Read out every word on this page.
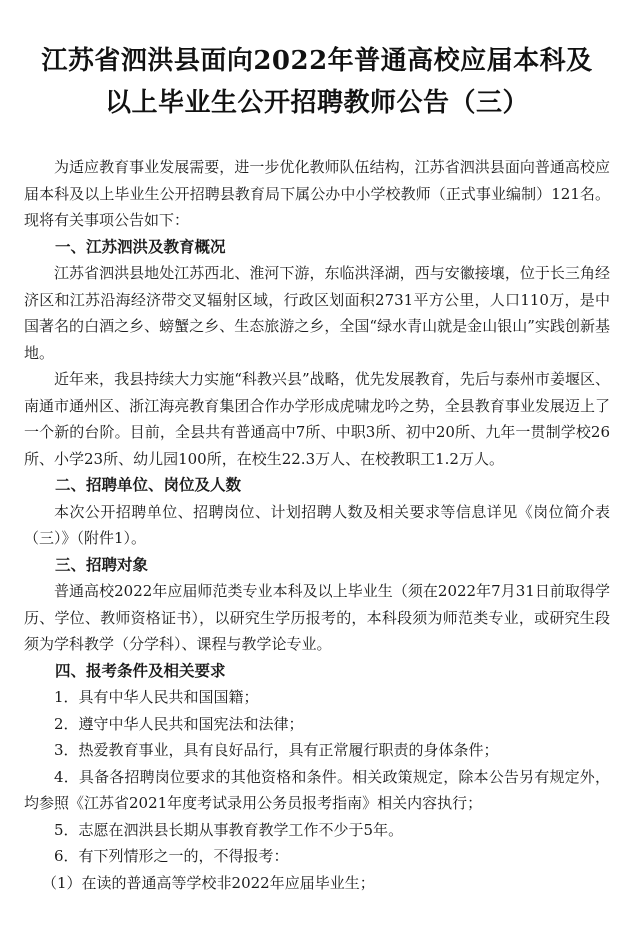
江苏省泗洪县面向2022年普通高校应届本科及
以上毕业生公开招聘教师公告（三）

为适应教育事业发展需要，进一步优化教师队伍结构，江苏省泗洪县面向普通高校应届本科及以上毕业生公开招聘县教育局下属公办中小学校教师（正式事业编制）121名。现将有关事项公告如下：

一、江苏泗洪及教育概况

江苏省泗洪县地处江苏西北、淮河下游，东临洪泽湖，西与安徽接壤，位于长三角经济区和江苏沿海经济带交叉辐射区域，行政区划面积2731平方公里，人口110万，是中国著名的白酒之乡、螃蟹之乡、生态旅游之乡，全国“绿水青山就是金山银山”实践创新基地。

近年来，我县持续大力实施“科教兴县”战略，优先发展教育，先后与泰州市姜堰区、南通市通州区、浙江海亮教育集团合作办学形成虎啸龙吟之势，全县教育事业发展迈上了一个新的台阶。目前，全县共有普通高中7所、中职3所、初中20所、九年一贯制学校26所、小学23所、幼儿园100所，在校生22.3万人、在校教职工1.2万人。

二、招聘单位、岗位及人数

本次公开招聘单位、招聘岗位、计划招聘人数及相关要求等信息详见《岗位简介表（三）》（附件1）。

三、招聘对象

普通高校2022年应届师范类专业本科及以上毕业生（须在2022年7月31日前取得学历、学位、教师资格证书），以研究生学历报考的，本科段须为师范类专业，或研究生段须为学科教学（分学科）、课程与教学论专业。

四、报考条件及相关要求

1．具有中华人民共和国国籍；

2．遵守中华人民共和国宪法和法律；

3．热爱教育事业，具有良好品行，具有正常履行职责的身体条件；

4．具备各招聘岗位要求的其他资格和条件。相关政策规定，除本公告另有规定外，均参照《江苏省2021年度考试录用公务员报考指南》相关内容执行；

5．志愿在泗洪县长期从事教育教学工作不少于5年。

6．有下列情形之一的，不得报考：

（1）在读的普通高等学校非2022年应届毕业生；
